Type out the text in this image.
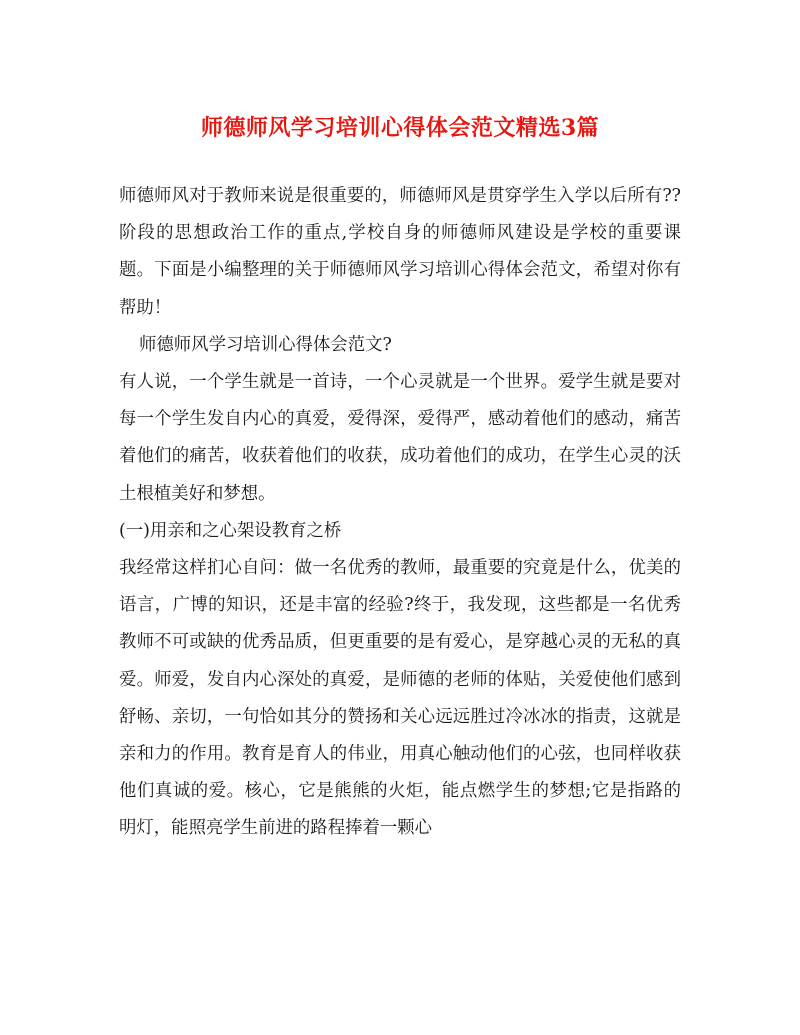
师德师风学习培训心得体会范文精选3篇

师德师风对于教师来说是很重要的，师德师风是贯穿学生入学以后所有??阶段的思想政治工作的重点,学校自身的师德师风建设是学校的重要课题。下面是小编整理的关于师德师风学习培训心得体会范文，希望对你有帮助！

师德师风学习培训心得体会范文?

有人说，一个学生就是一首诗，一个心灵就是一个世界。爱学生就是要对每一个学生发自内心的真爱，爱得深，爱得严，感动着他们的感动，痛苦着他们的痛苦，收获着他们的收获，成功着他们的成功，在学生心灵的沃土根植美好和梦想。

(一)用亲和之心架设教育之桥

我经常这样扪心自问：做一名优秀的教师，最重要的究竟是什么，优美的语言，广博的知识，还是丰富的经验?终于，我发现，这些都是一名优秀教师不可或缺的优秀品质，但更重要的是有爱心，是穿越心灵的无私的真爱。师爱，发自内心深处的真爱，是师德的老师的体贴，关爱使他们感到舒畅、亲切，一句恰如其分的赞扬和关心远远胜过冷冰冰的指责，这就是亲和力的作用。教育是育人的伟业，用真心触动他们的心弦，也同样收获他们真诚的爱。核心，它是熊熊的火炬，能点燃学生的梦想;它是指路的明灯，能照亮学生前进的路程捧着一颗心
